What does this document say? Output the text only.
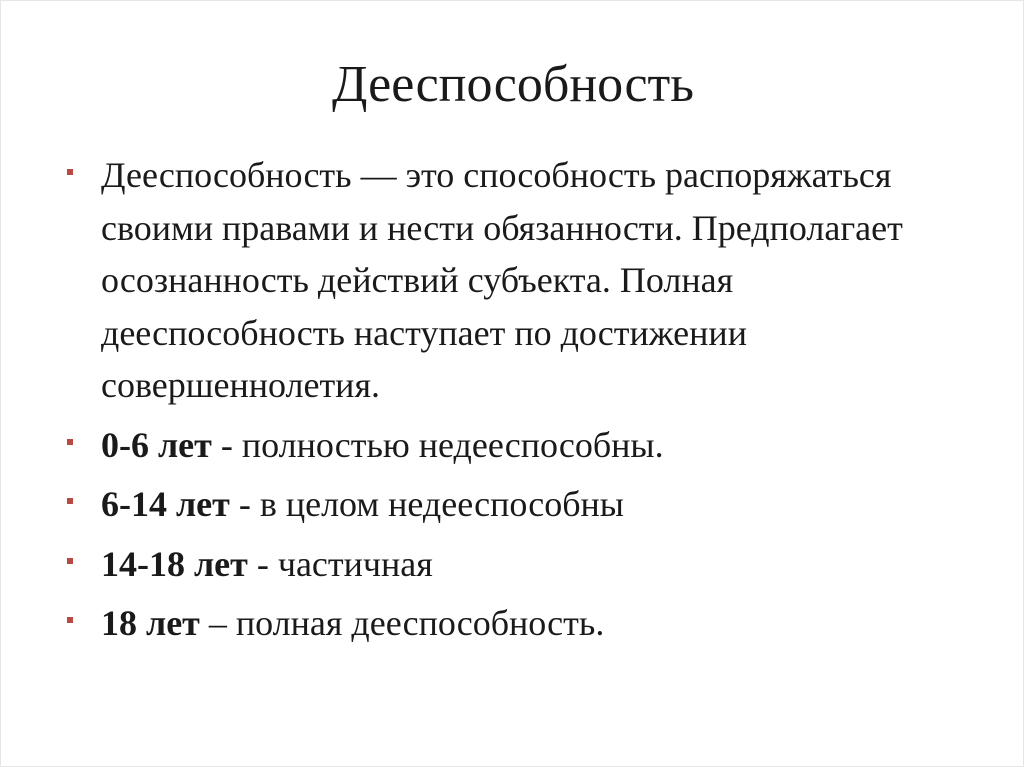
Дееспособность
Дееспособность — это способность распоряжаться своими правами и нести обязанности. Предполагает осознанность действий субъекта. Полная дееспособность наступает по достижении совершеннолетия.
0-6 лет - полностью недееспособны.
6-14 лет - в целом недееспособны
14-18 лет - частичная
18 лет – полная дееспособность.
